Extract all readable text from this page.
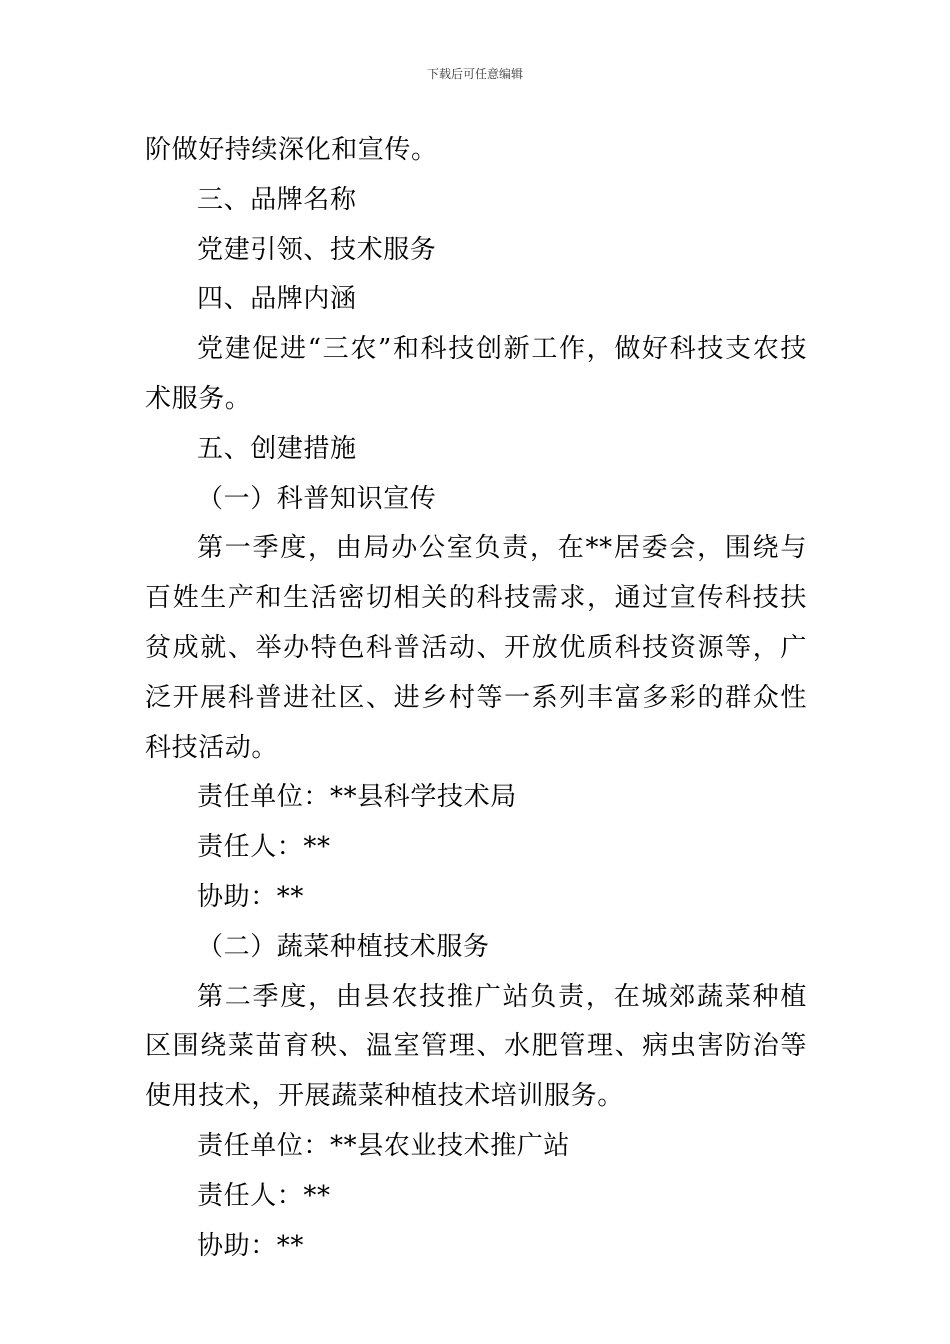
下载后可任意编辑

阶做好持续深化和宣传。

三、品牌名称

党建引领、技术服务

四、品牌内涵

党建促进“三农”和科技创新工作，做好科技支农技术服务。

五、创建措施

（一）科普知识宣传

第一季度，由局办公室负责，在**居委会，围绕与百姓生产和生活密切相关的科技需求，通过宣传科技扶贫成就、举办特色科普活动、开放优质科技资源等，广泛开展科普进社区、进乡村等一系列丰富多彩的群众性科技活动。

责任单位：**县科学技术局

责任人：**

协助：**

（二）蔬菜种植技术服务

第二季度，由县农技推广站负责，在城郊蔬菜种植区围绕菜苗育秧、温室管理、水肥管理、病虫害防治等使用技术，开展蔬菜种植技术培训服务。

责任单位：**县农业技术推广站

责任人：**

协助：**
